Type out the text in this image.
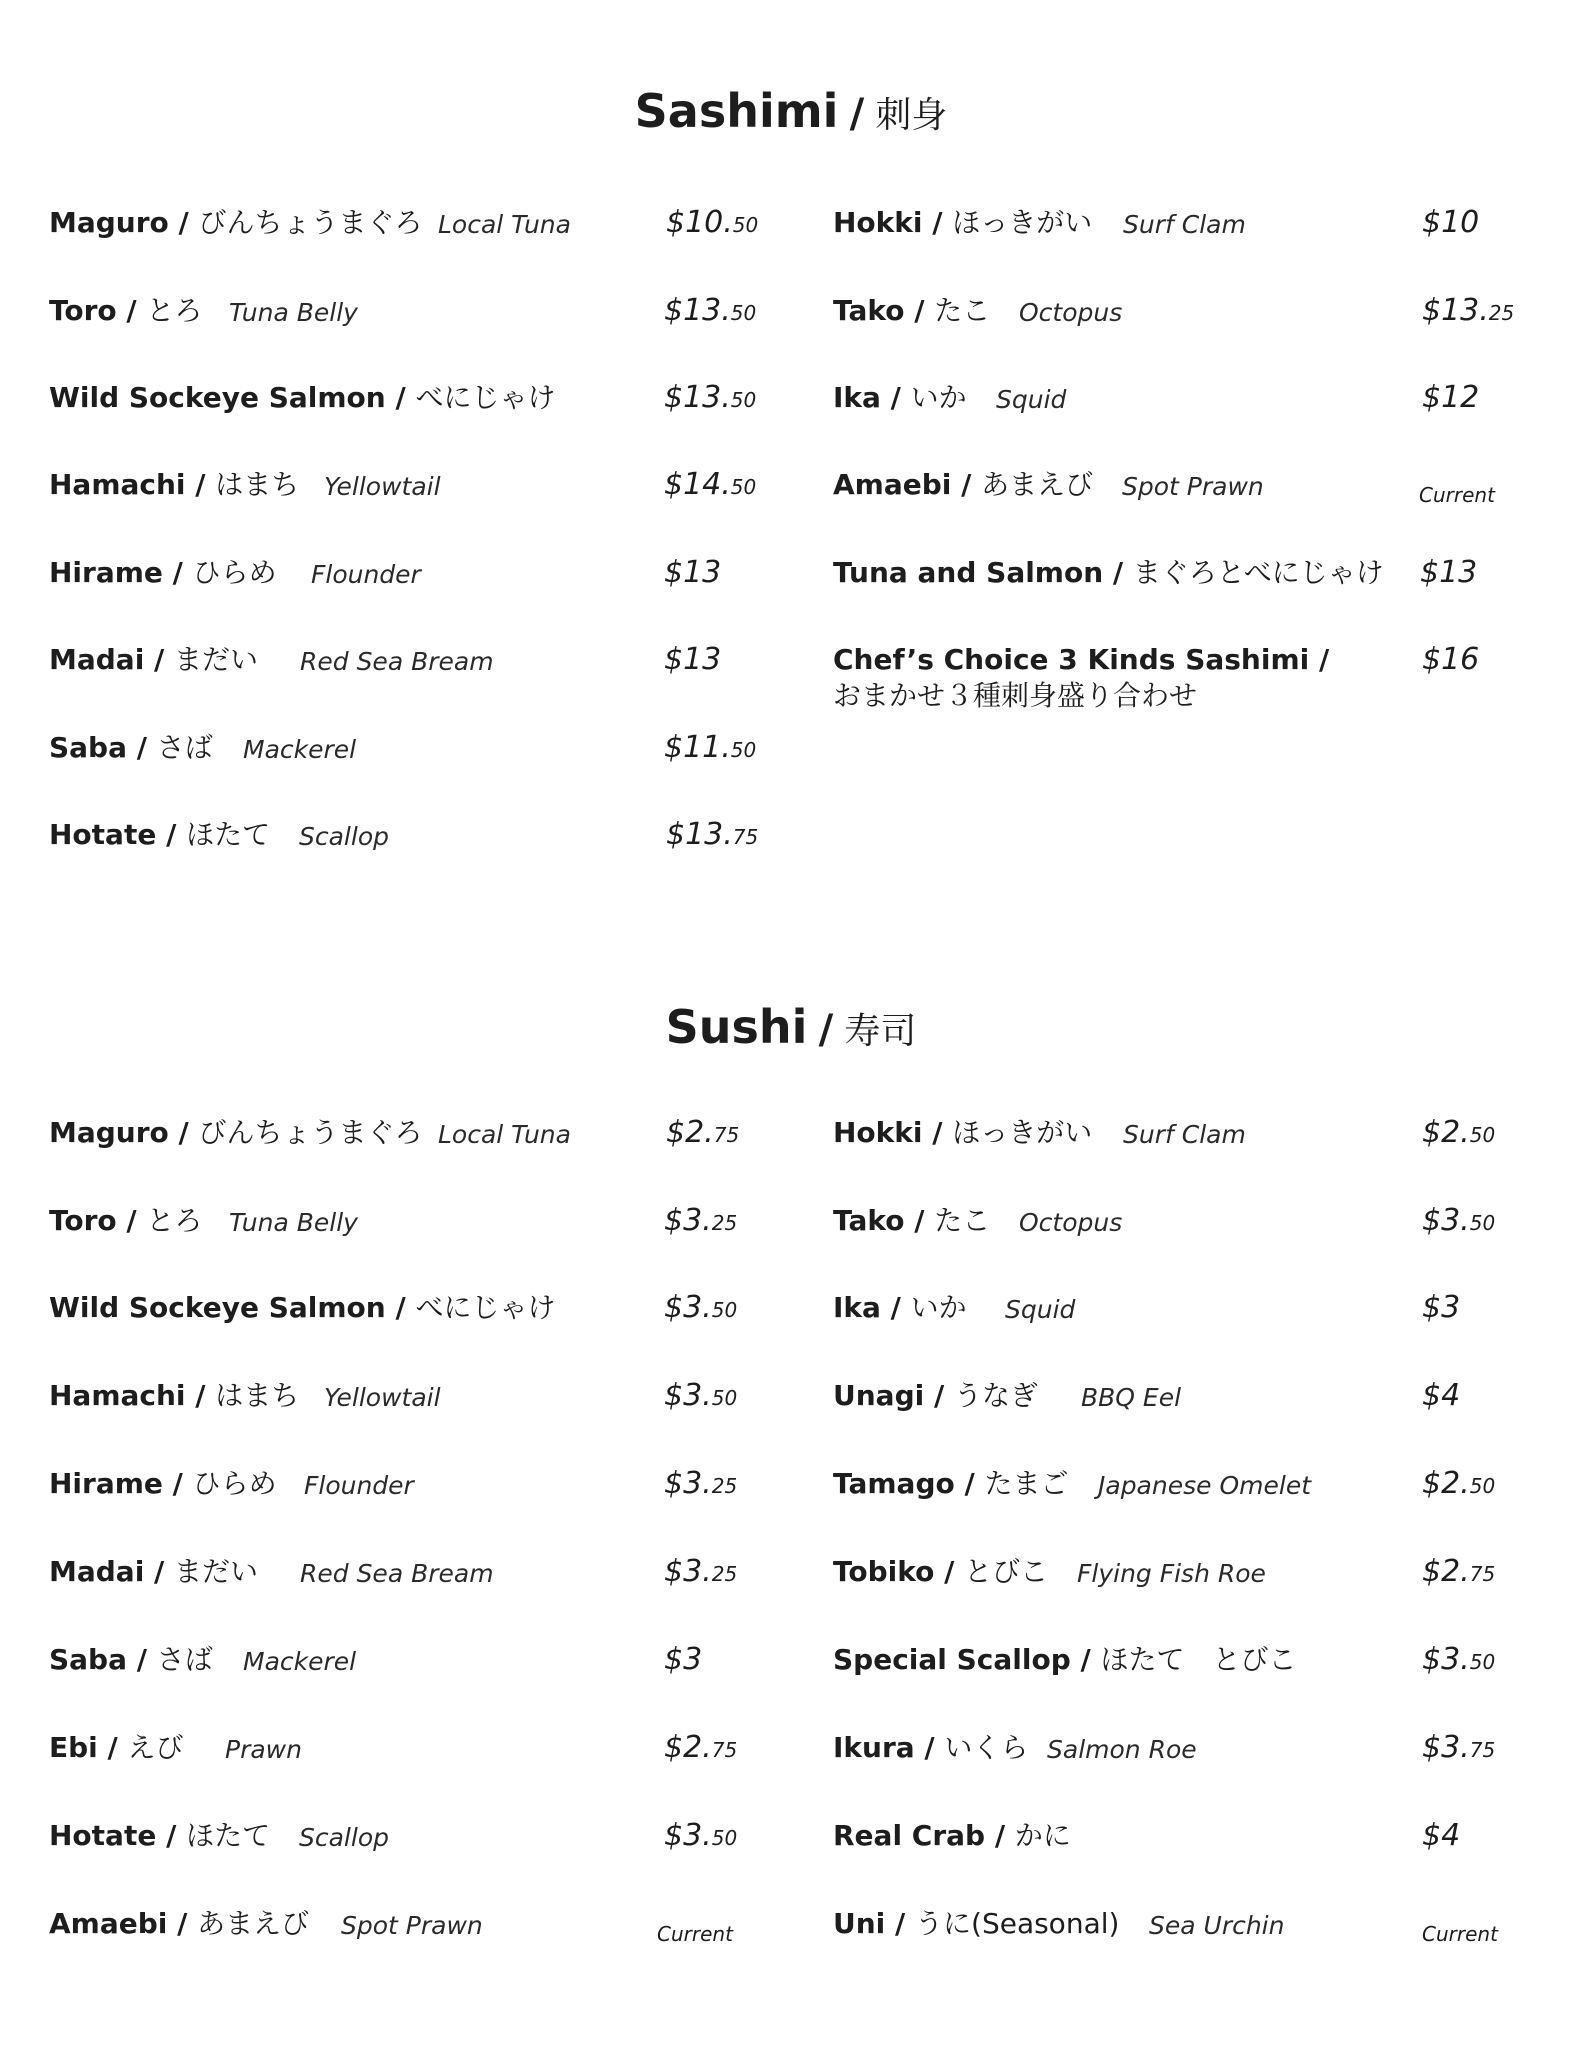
Sashimi / 刺身
Maguro / びんちょうまぐろ Local Tuna	$10.50
Toro / とろ Tuna Belly	$13.50
Wild Sockeye Salmon / べにじゃけ	$13.50
Hamachi / はまち Yellowtail	$14.50
Hirame / ひらめ Flounder	$13
Madai / まだい Red Sea Bream	$13
Saba / さば Mackerel	$11.50
Hotate / ほたて Scallop	$13.75
Hokki / ほっきがい Surf Clam	$10
Tako / たこ Octopus	$13.25
Ika / いか Squid	$12
Amaebi / あまえび Spot Prawn	Current
Tuna and Salmon / まぐろとべにじゃけ $13
Chef’s Choice 3 Kinds Sashimi /
おまかせ３種刺身盛り合わせ
$16
Sushi / 寿司
Maguro / びんちょうまぐろ Local Tuna	$2.75
Toro / とろ Tuna Belly	$3.25
Wild Sockeye Salmon / べにじゃけ	$3.50
Hamachi / はまち Yellowtail	$3.50
Hirame / ひらめ Flounder	$3.25
Madai / まだい Red Sea Bream	$3.25
Saba / さば Mackerel	$3
Ebi / えび Prawn	$2.75
Hotate / ほたて Scallop	$3.50
Amaebi / あまえび Spot Prawn	Current
Hokki / ほっきがい Surf Clam	$2.50
Tako / たこ Octopus	$3.50
Ika / いか Squid	$3
Unagi / うなぎ BBQ Eel	$4
Tamago / たまご Japanese Omelet	$2.50
Tobiko / とびこ Flying Fish Roe	$2.75
Special Scallop / ほたて　とびこ	$3.50
Ikura / いくら Salmon Roe	$3.75
Real Crab / かに	$4
Uni / うに(Seasonal) Sea Urchin	Current
